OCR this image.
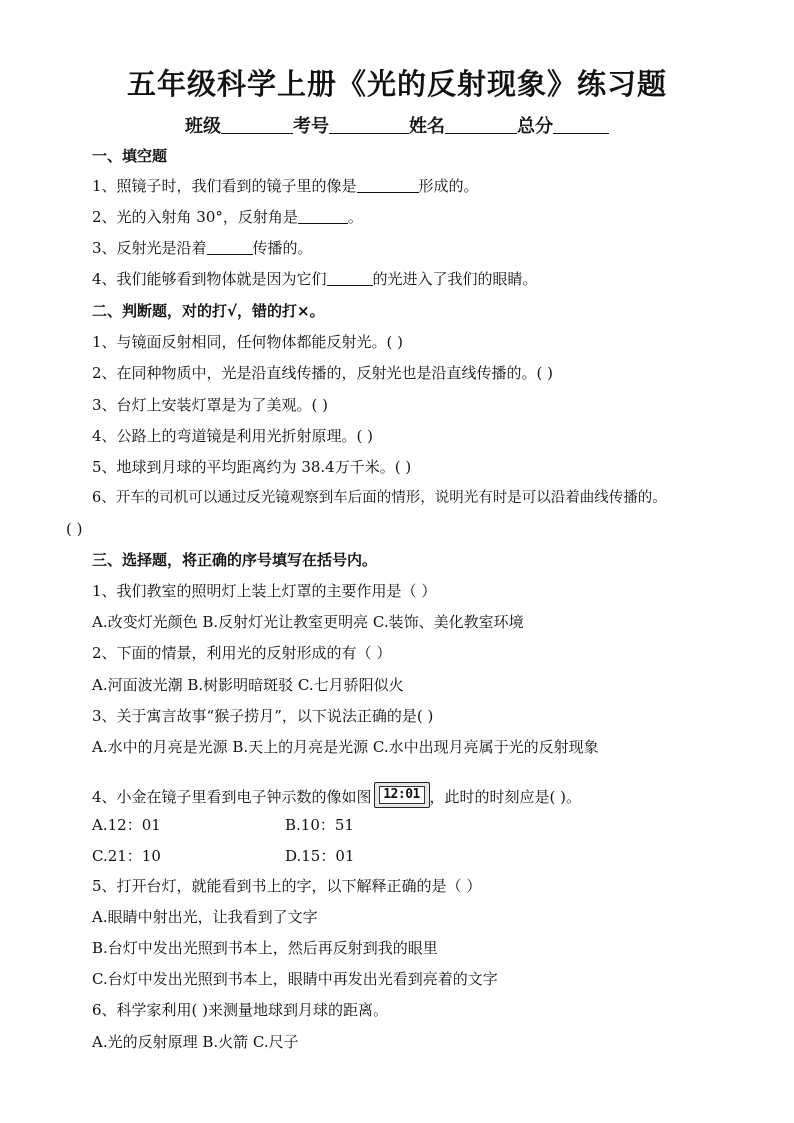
五年级科学上册《光的反射现象》练习题
班级	考号	姓名	总分
一、填空题
1、照镜子时，我们看到的镜子里的像是	形成的。
2、光的入射角 30°，反射角是	。
3、反射光是沿着	传播的。
4、我们能够看到物体就是因为它们	的光进入了我们的眼睛。
二、判断题，对的打√，错的打×。
1、与镜面反射相同，任何物体都能反射光。( )
2、在同种物质中，光是沿直线传播的，反射光也是沿直线传播的。( )
3、台灯上安装灯罩是为了美观。( )
4、公路上的弯道镜是利用光折射原理。( )
5、地球到月球的平均距离约为 38.4万千米。( )
6、开车的司机可以通过反光镜观察到车后面的情形，说明光有时是可以沿着曲线传播的。
( )
三、选择题，将正确的序号填写在括号内。
1、我们教室的照明灯上装上灯罩的主要作用是（ ）
A.改变灯光颜色 B.反射灯光让教室更明亮 C.装饰、美化教室环境
2、下面的情景，利用光的反射形成的有（ ）
A.河面波光潮 B.树影明暗斑驳 C.七月骄阳似火
3、关于寓言故事“猴子捞月”，以下说法正确的是( )
A.水中的月亮是光源 B.天上的月亮是光源 C.水中出现月亮属于光的反射现象
4、小金在镜子里看到电子钟示数的像如图 12:01 ，此时的时刻应是( )。
A.12：01	B.10：51
C.21：10	D.15：01
5、打开台灯，就能看到书上的字，以下解释正确的是（ ）
A.眼睛中射出光，让我看到了文字
B.台灯中发出光照到书本上，然后再反射到我的眼里
C.台灯中发出光照到书本上，眼睛中再发出光看到亮着的文字
6、科学家利用( )来测量地球到月球的距离。
A.光的反射原理 B.火箭 C.尺子
